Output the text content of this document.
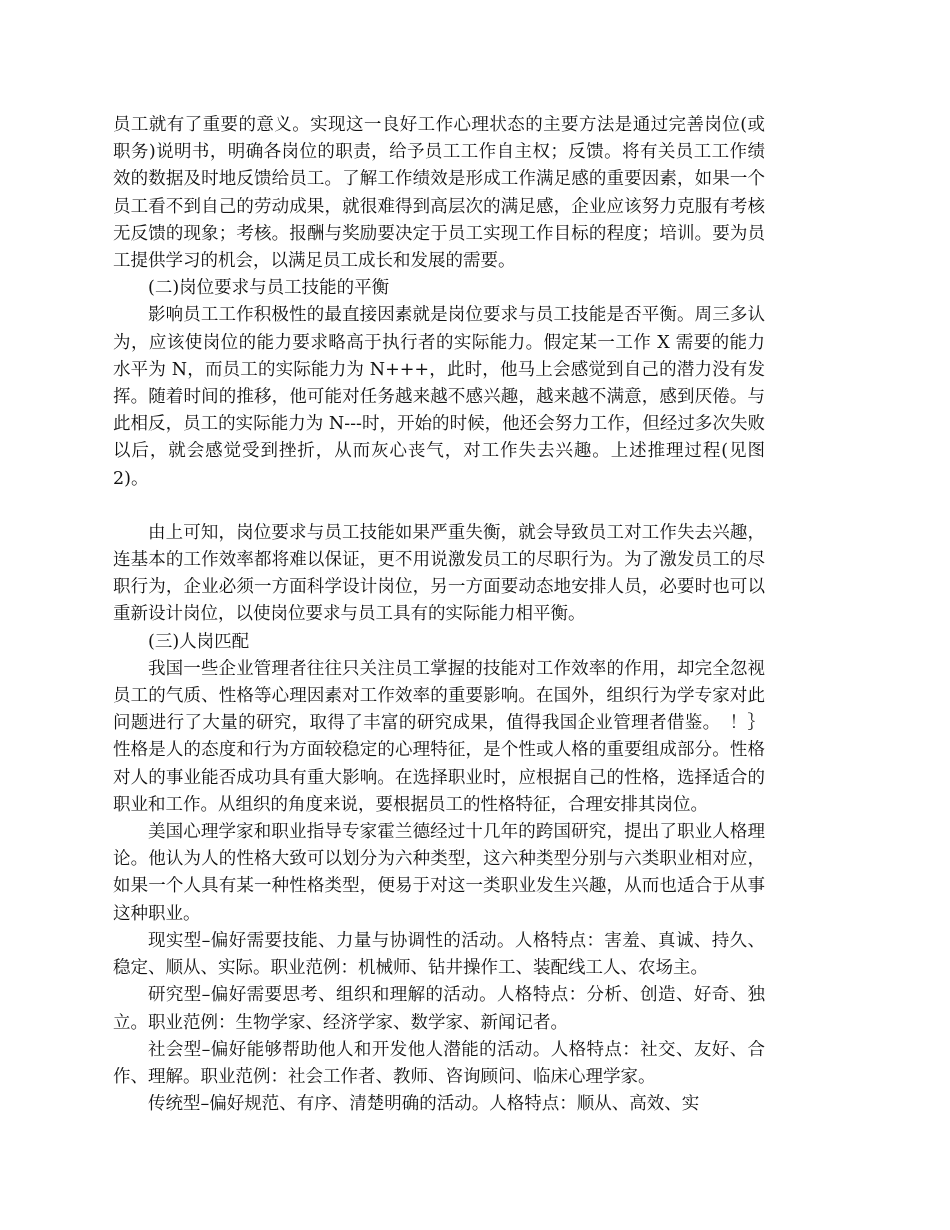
员工就有了重要的意义。实现这一良好工作心理状态的主要方法是通过完善岗位(或职务)说明书，明确各岗位的职责，给予员工工作自主权；反馈。将有关员工工作绩效的数据及时地反馈给员工。了解工作绩效是形成工作满足感的重要因素，如果一个员工看不到自己的劳动成果，就很难得到高层次的满足感，企业应该努力克服有考核无反馈的现象；考核。报酬与奖励要决定于员工实现工作目标的程度；培训。要为员工提供学习的机会，以满足员工成长和发展的需要。

(二)岗位要求与员工技能的平衡

影响员工工作积极性的最直接因素就是岗位要求与员工技能是否平衡。周三多认为，应该使岗位的能力要求略高于执行者的实际能力。假定某一工作 X 需要的能力水平为 N，而员工的实际能力为 N+++，此时，他马上会感觉到自己的潜力没有发挥。随着时间的推移，他可能对任务越来越不感兴趣，越来越不满意，感到厌倦。与此相反，员工的实际能力为 N---时，开始的时候，他还会努力工作，但经过多次失败以后，就会感觉受到挫折，从而灰心丧气，对工作失去兴趣。上述推理过程(见图2)。

由上可知，岗位要求与员工技能如果严重失衡，就会导致员工对工作失去兴趣，连基本的工作效率都将难以保证，更不用说激发员工的尽职行为。为了激发员工的尽职行为，企业必须一方面科学设计岗位，另一方面要动态地安排人员，必要时也可以重新设计岗位，以使岗位要求与员工具有的实际能力相平衡。

(三)人岗匹配

我国一些企业管理者往往只关注员工掌握的技能对工作效率的作用，却完全忽视员工的气质、性格等心理因素对工作效率的重要影响。在国外，组织行为学专家对此问题进行了大量的研究，取得了丰富的研究成果，值得我国企业管理者借鉴。　！｝性格是人的态度和行为方面较稳定的心理特征，是个性或人格的重要组成部分。性格对人的事业能否成功具有重大影响。在选择职业时，应根据自己的性格，选择适合的职业和工作。从组织的角度来说，要根据员工的性格特征，合理安排其岗位。

美国心理学家和职业指导专家霍兰德经过十几年的跨国研究，提出了职业人格理论。他认为人的性格大致可以划分为六种类型，这六种类型分别与六类职业相对应，如果一个人具有某一种性格类型，便易于对这一类职业发生兴趣，从而也适合于从事这种职业。

现实型–偏好需要技能、力量与协调性的活动。人格特点：害羞、真诚、持久、稳定、顺从、实际。职业范例：机械师、钻井操作工、装配线工人、农场主。

研究型–偏好需要思考、组织和理解的活动。人格特点：分析、创造、好奇、独立。职业范例：生物学家、经济学家、数学家、新闻记者。

社会型–偏好能够帮助他人和开发他人潜能的活动。人格特点：社交、友好、合作、理解。职业范例：社会工作者、教师、咨询顾问、临床心理学家。

传统型–偏好规范、有序、清楚明确的活动。人格特点：顺从、高效、实
